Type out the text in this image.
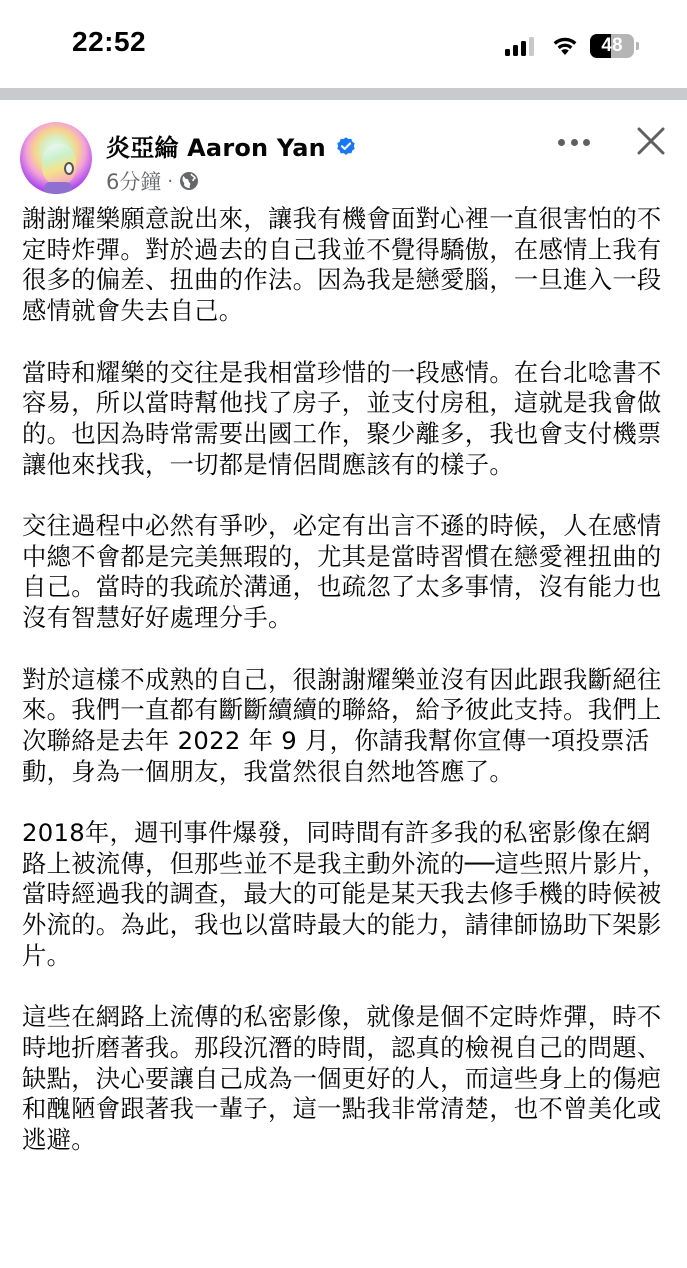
22:52	48
炎亞綸 Aaron Yan
6分鐘 ·

謝謝耀樂願意說出來，讓我有機會面對心裡一直很害怕的不定時炸彈。對於過去的自己我並不覺得驕傲，在感情上我有很多的偏差、扭曲的作法。因為我是戀愛腦，一旦進入一段感情就會失去自己。

當時和耀樂的交往是我相當珍惜的一段感情。在台北唸書不容易，所以當時幫他找了房子，並支付房租，這就是我會做的。也因為時常需要出國工作，聚少離多，我也會支付機票讓他來找我，一切都是情侶間應該有的樣子。

交往過程中必然有爭吵，必定有出言不遜的時候，人在感情中總不會都是完美無瑕的，尤其是當時習慣在戀愛裡扭曲的自己。當時的我疏於溝通，也疏忽了太多事情，沒有能力也沒有智慧好好處理分手。

對於這樣不成熟的自己，很謝謝耀樂並沒有因此跟我斷絕往來。我們一直都有斷斷續續的聯絡，給予彼此支持。我們上次聯絡是去年 2022 年 9 月，你請我幫你宣傳一項投票活動，身為一個朋友，我當然很自然地答應了。

2018年，週刊事件爆發，同時間有許多我的私密影像在網路上被流傳，但那些並不是我主動外流的──這些照片影片，當時經過我的調查，最大的可能是某天我去修手機的時候被外流的。為此，我也以當時最大的能力，請律師協助下架影片。

這些在網路上流傳的私密影像，就像是個不定時炸彈，時不時地折磨著我。那段沉潛的時間，認真的檢視自己的問題、缺點，決心要讓自己成為一個更好的人，而這些身上的傷疤和醜陋會跟著我一輩子，這一點我非常清楚，也不曾美化或逃避。
